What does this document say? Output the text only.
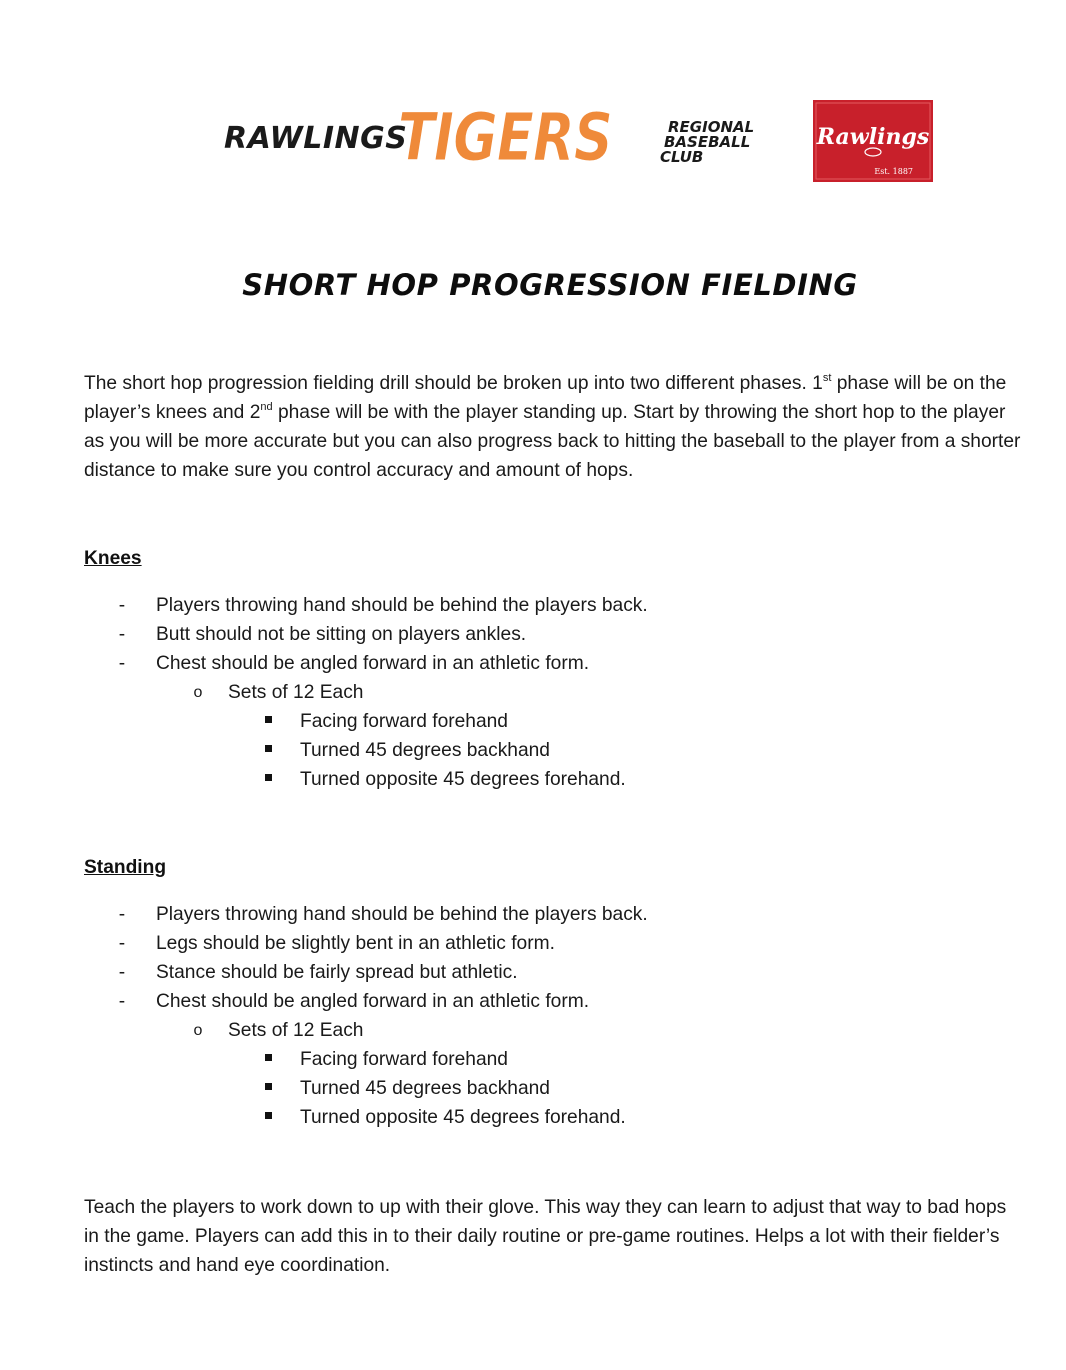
RAWLINGS
TIGERS	REGIONAL
BASEBALL
CLUB
Rawlings
Est. 1887
SHORT HOP PROGRESSION FIELDING
The short hop progression fielding drill should be broken up into two different phases. 1st phase will be on the player’s knees and 2nd phase will be with the player standing up. Start by throwing the short hop to the player as you will be more accurate but you can also progress back to hitting the baseball to the player from a shorter distance to make sure you control accuracy and amount of hops.
Knees
-	Players throwing hand should be behind the players back.
-	Butt should not be sitting on players ankles.
-	Chest should be angled forward in an athletic form.
o Sets of 12 Each
Facing forward forehand
Turned 45 degrees backhand
Turned opposite 45 degrees forehand.
Standing
-	Players throwing hand should be behind the players back.
-	Legs should be slightly bent in an athletic form.
-	Stance should be fairly spread but athletic.
-	Chest should be angled forward in an athletic form.
o Sets of 12 Each
Facing forward forehand
Turned 45 degrees backhand
Turned opposite 45 degrees forehand.
Teach the players to work down to up with their glove. This way they can learn to adjust that way to bad hops in the game. Players can add this in to their daily routine or pre-game routines. Helps a lot with their fielder’s instincts and hand eye coordination.
